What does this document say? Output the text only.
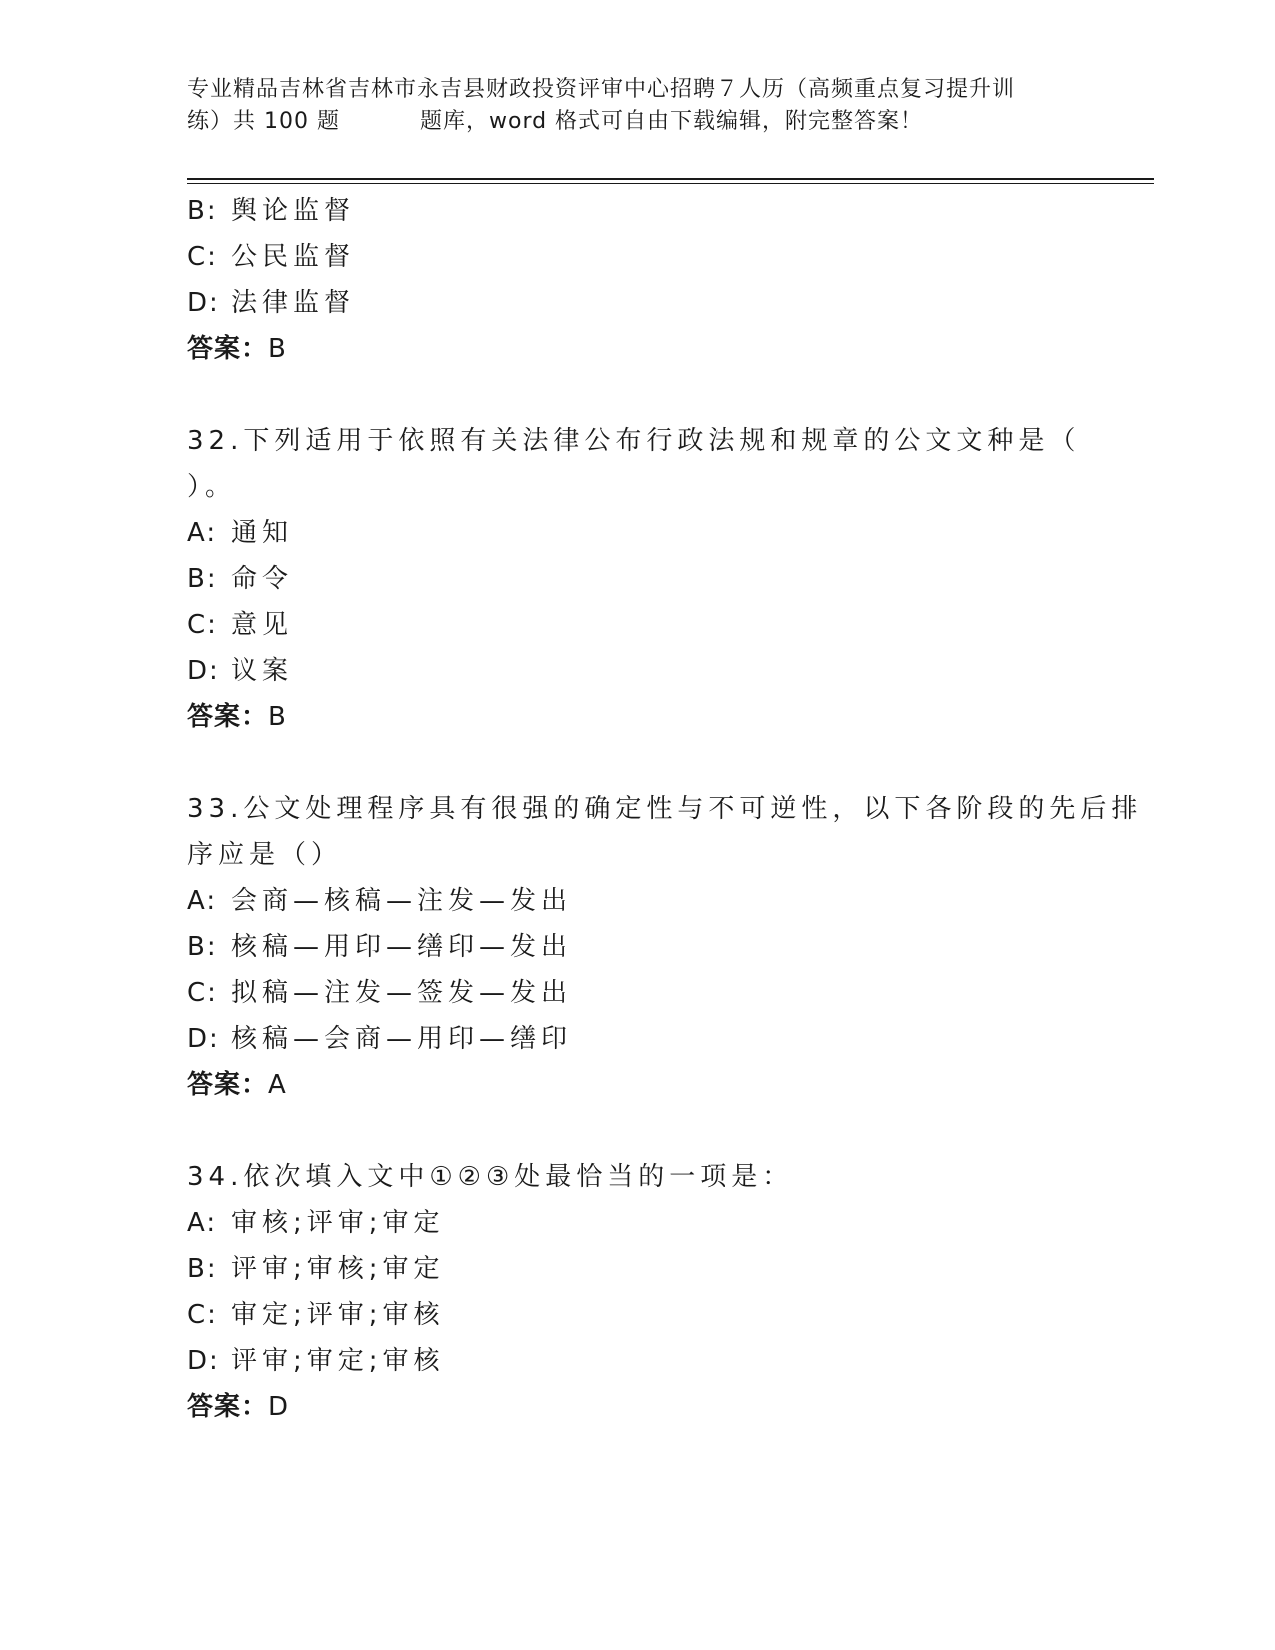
专业精品吉林省吉林市永吉县财政投资评审中心招聘７人历（高频重点复习提升训
练）共 100 题	题库，word 格式可自由下载编辑，附完整答案！
B: 舆论监督
C: 公民监督
D: 法律监督
答案：B
32.下列适用于依照有关法律公布行政法规和规章的公文文种是（
）。
A: 通知
B: 命令
C: 意见
D: 议案
答案：B
33.公文处理程序具有很强的确定性与不可逆性，以下各阶段的先后排
序应是（）
A: 会商—核稿—注发—发出
B: 核稿—用印—缮印—发出
C: 拟稿—注发—签发—发出
D: 核稿—会商—用印—缮印
答案：A
34.依次填入文中①②③处最恰当的一项是：
A: 审核;评审;审定
B: 评审;审核;审定
C: 审定;评审;审核
D: 评审;审定;审核
答案：D
